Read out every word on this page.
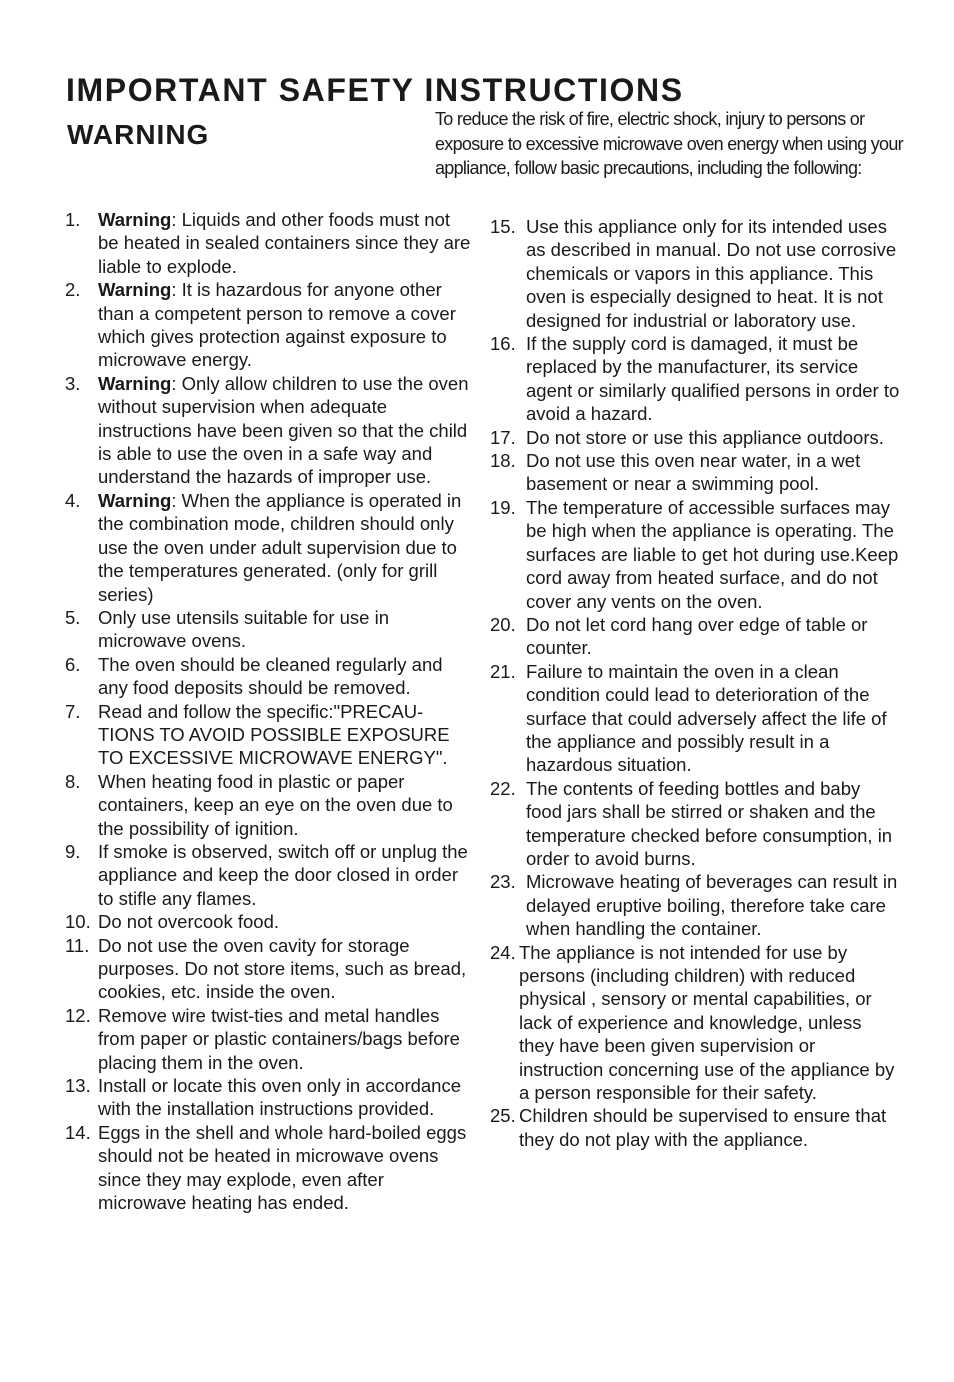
IMPORTANT SAFETY INSTRUCTIONS
WARNING	To reduce the risk of fire, electric shock, injury to persons or exposure to excessive microwave oven energy when using your appliance, follow basic precautions, including the following:

1. Warning: Liquids and other foods must not be heated in sealed containers since they are liable to explode.
2. Warning: It is hazardous for anyone other than a competent person to remove a cover which gives protection against exposure to microwave energy.
3. Warning: Only allow children to use the oven without supervision when adequate instructions have been given so that the child is able to use the oven in a safe way and understand the hazards of improper use.
4. Warning: When the appliance is operated in the combination mode, children should only use the oven under adult supervision due to the temperatures generated. (only for grill series)
5. Only use utensils suitable for use in microwave ovens.
6. The oven should be cleaned regularly and any food deposits should be removed.
7. Read and follow the specific:"PRECAU-TIONS TO AVOID POSSIBLE EXPOSURE TO EXCESSIVE MICROWAVE ENERGY".
8. When heating food in plastic or paper containers, keep an eye on the oven due to the possibility of ignition.
9. If smoke is observed, switch off or unplug the appliance and keep the door closed in order to stifle any flames.
10. Do not overcook food.
11. Do not use the oven cavity for storage purposes. Do not store items, such as bread, cookies, etc. inside the oven.
12. Remove wire twist-ties and metal handles from paper or plastic containers/bags before placing them in the oven.
13. Install or locate this oven only in accordance with the installation instructions provided.
14. Eggs in the shell and whole hard-boiled eggs should not be heated in microwave ovens since they may explode, even after microwave heating has ended.
15. Use this appliance only for its intended uses as described in manual. Do not use corrosive chemicals or vapors in this appliance. This oven is especially designed to heat. It is not designed for industrial or laboratory use.
16. If the supply cord is damaged, it must be replaced by the manufacturer, its service agent or similarly qualified persons in order to avoid a hazard.
17. Do not store or use this appliance outdoors.
18. Do not use this oven near water, in a wet basement or near a swimming pool.
19. The temperature of accessible surfaces may be high when the appliance is operating. The surfaces are liable to get hot during use.Keep cord away from heated surface, and do not cover any vents on the oven.
20. Do not let cord hang over edge of table or counter.
21. Failure to maintain the oven in a clean condition could lead to deterioration of the surface that could adversely affect the life of the appliance and possibly result in a hazardous situation.
22. The contents of feeding bottles and baby food jars shall be stirred or shaken and the temperature checked before consumption, in order to avoid burns.
23. Microwave heating of beverages can result in delayed eruptive boiling, therefore take care when handling the container.
24. The appliance is not intended for use by persons (including children) with reduced physical , sensory or mental capabilities, or lack of experience and knowledge, unless they have been given supervision or instruction concerning use of the appliance by a person responsible for their safety.
25. Children should be supervised to ensure that they do not play with the appliance.
